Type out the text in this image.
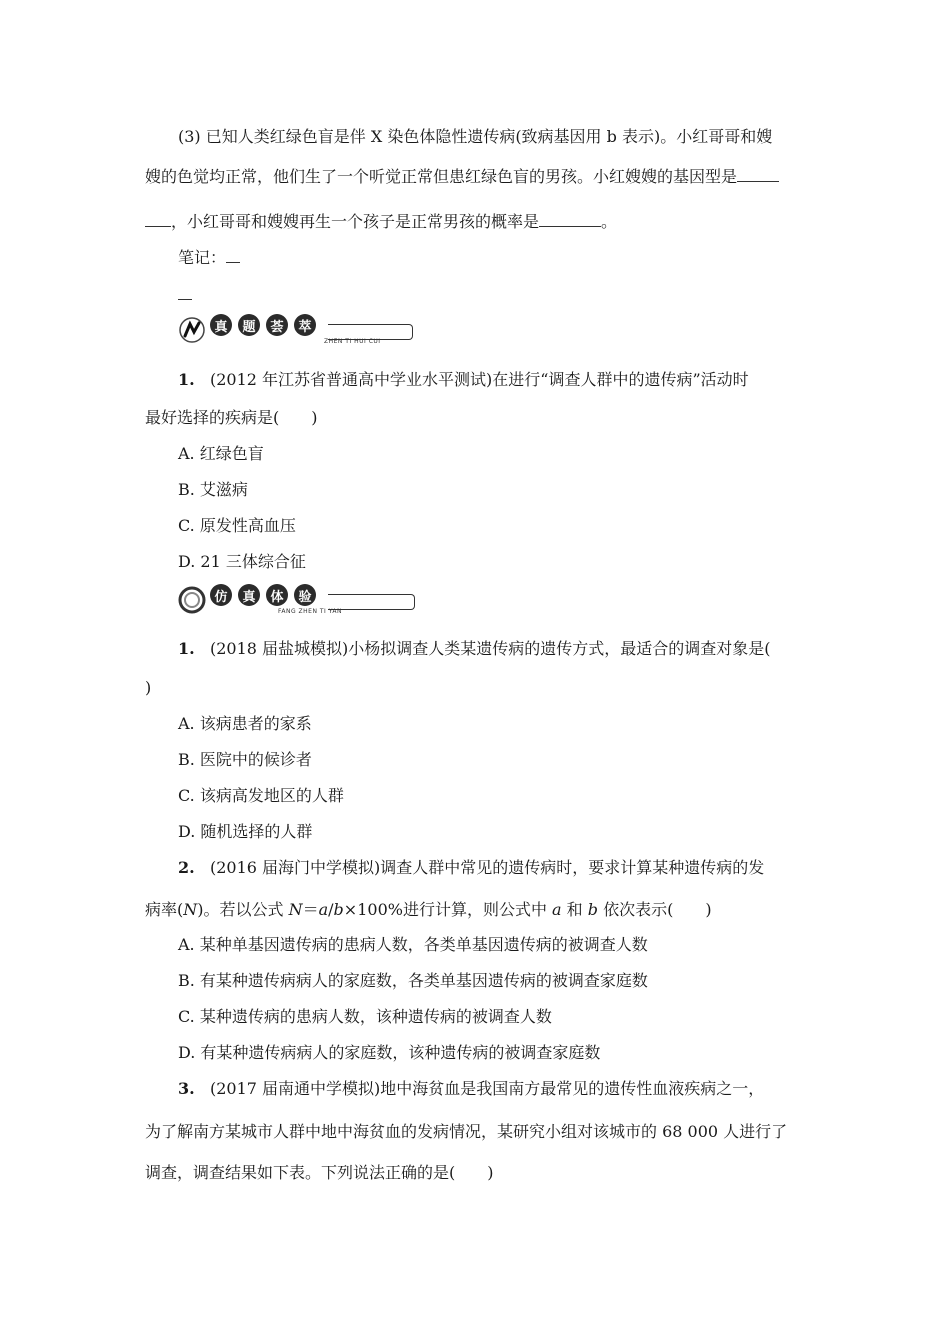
(3) 已知人类红绿色盲是伴 X 染色体隐性遗传病(致病基因用 b 表示)。小红哥哥和嫂
嫂的色觉均正常，他们生了一个听觉正常但患红绿色盲的男孩。小红嫂嫂的基因型是
，小红哥哥和嫂嫂再生一个孩子是正常男孩的概率是	。
笔记：
真	题	荟	萃
ZHEN TI HUI CUI
1. (2012 年江苏省普通高中学业水平测试)在进行“调查人群中的遗传病”活动时
最好选择的疾病是(　　)
A. 红绿色盲
B. 艾滋病
C. 原发性高血压
D. 21 三体综合征
仿	真	体	验
FANG ZHEN TI YAN
1. (2018 届盐城模拟)小杨拟调查人类某遗传病的遗传方式，最适合的调查对象是(
)
A. 该病患者的家系
B. 医院中的候诊者
C. 该病高发地区的人群
D. 随机选择的人群
2. (2016 届海门中学模拟)调查人群中常见的遗传病时，要求计算某种遗传病的发
病率(N)。若以公式 N＝a/b×100%进行计算，则公式中 a 和 b 依次表示(　　)
A. 某种单基因遗传病的患病人数，各类单基因遗传病的被调查人数
B. 有某种遗传病病人的家庭数，各类单基因遗传病的被调查家庭数
C. 某种遗传病的患病人数，该种遗传病的被调查人数
D. 有某种遗传病病人的家庭数，该种遗传病的被调查家庭数
3. (2017 届南通中学模拟)地中海贫血是我国南方最常见的遗传性血液疾病之一，
为了解南方某城市人群中地中海贫血的发病情况，某研究小组对该城市的 68 000 人进行了
调查，调查结果如下表。下列说法正确的是(　　)
